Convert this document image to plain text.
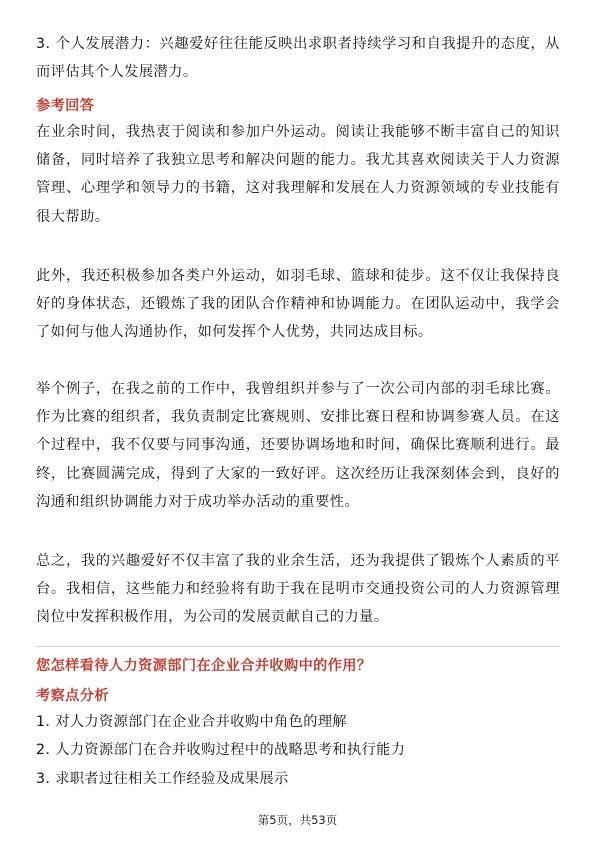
3. 个人发展潜力：兴趣爱好往往能反映出求职者持续学习和自我提升的态度，从而评估其个人发展潜力。

参考回答

在业余时间，我热衷于阅读和参加户外运动。阅读让我能够不断丰富自己的知识储备，同时培养了我独立思考和解决问题的能力。我尤其喜欢阅读关于人力资源管理、心理学和领导力的书籍，这对我理解和发展在人力资源领域的专业技能有很大帮助。

此外，我还积极参加各类户外运动，如羽毛球、篮球和徒步。这不仅让我保持良好的身体状态，还锻炼了我的团队合作精神和协调能力。在团队运动中，我学会了如何与他人沟通协作，如何发挥个人优势，共同达成目标。

举个例子，在我之前的工作中，我曾组织并参与了一次公司内部的羽毛球比赛。作为比赛的组织者，我负责制定比赛规则、安排比赛日程和协调参赛人员。在这个过程中，我不仅要与同事沟通，还要协调场地和时间，确保比赛顺利进行。最终，比赛圆满完成，得到了大家的一致好评。这次经历让我深刻体会到，良好的沟通和组织协调能力对于成功举办活动的重要性。

总之，我的兴趣爱好不仅丰富了我的业余生活，还为我提供了锻炼个人素质的平台。我相信，这些能力和经验将有助于我在昆明市交通投资公司的人力资源管理岗位中发挥积极作用，为公司的发展贡献自己的力量。

您怎样看待人力资源部门在企业合并收购中的作用？

考察点分析

1. 对人力资源部门在企业合并收购中角色的理解

2. 人力资源部门在合并收购过程中的战略思考和执行能力

3. 求职者过往相关工作经验及成果展示

第5页，共53页
